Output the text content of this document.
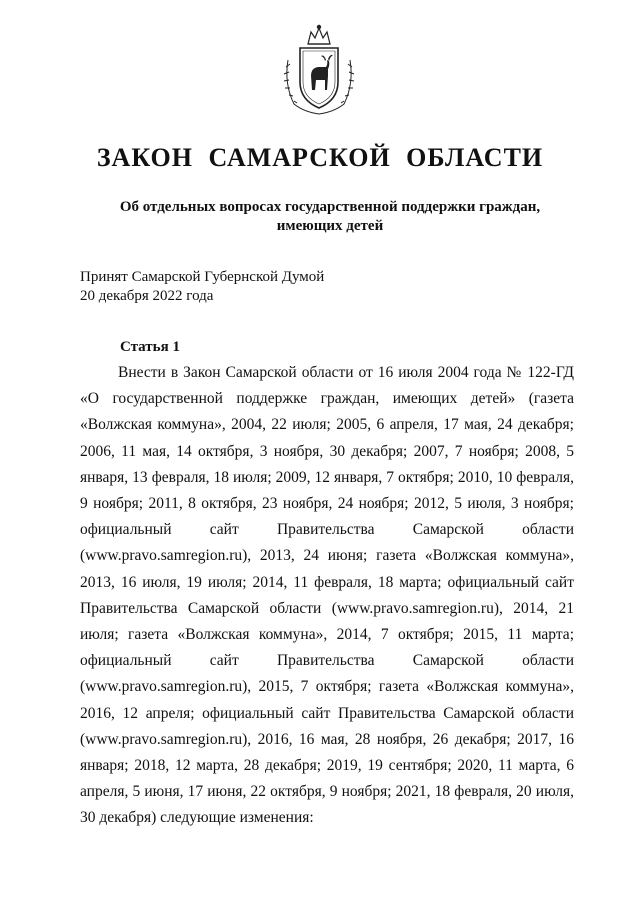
ЗАКОН САМАРСКОЙ ОБЛАСТИ
Об отдельных вопросах государственной поддержки граждан,
имеющих детей
Принят Самарской Губернской Думой
20 декабря 2022 года
Статья 1

Внести в Закон Самарской области от 16 июля 2004 года № 122-ГД «О государственной поддержке граждан, имеющих детей» (газета «Волжская коммуна», 2004, 22 июля; 2005, 6 апреля, 17 мая, 24 декабря; 2006, 11 мая, 14 октября, 3 ноября, 30 декабря; 2007, 7 ноября; 2008, 5 января, 13 февраля, 18 июля; 2009, 12 января, 7 октября; 2010, 10 февраля, 9 ноября; 2011, 8 октября, 23 ноября, 24 ноября; 2012, 5 июля, 3 ноября; официальный сайт Правительства Самарской области (www.pravo.samregion.ru), 2013, 24 июня; газета «Волжская коммуна», 2013, 16 июля, 19 июля; 2014, 11 февраля, 18 марта; официальный сайт Правительства Самарской области (www.pravo.samregion.ru), 2014, 21 июля; газета «Волжская коммуна», 2014, 7 октября; 2015, 11 марта; официальный сайт Правительства Самарской области (www.pravo.samregion.ru), 2015, 7 октября; газета «Волжская коммуна», 2016, 12 апреля; официальный сайт Правительства Самарской области (www.pravo.samregion.ru), 2016, 16 мая, 28 ноября, 26 декабря; 2017, 16 января; 2018, 12 марта, 28 декабря; 2019, 19 сентября; 2020, 11 марта, 6 апреля, 5 июня, 17 июня, 22 октября, 9 ноября; 2021, 18 февраля, 20 июля, 30 декабря) следующие изменения:
